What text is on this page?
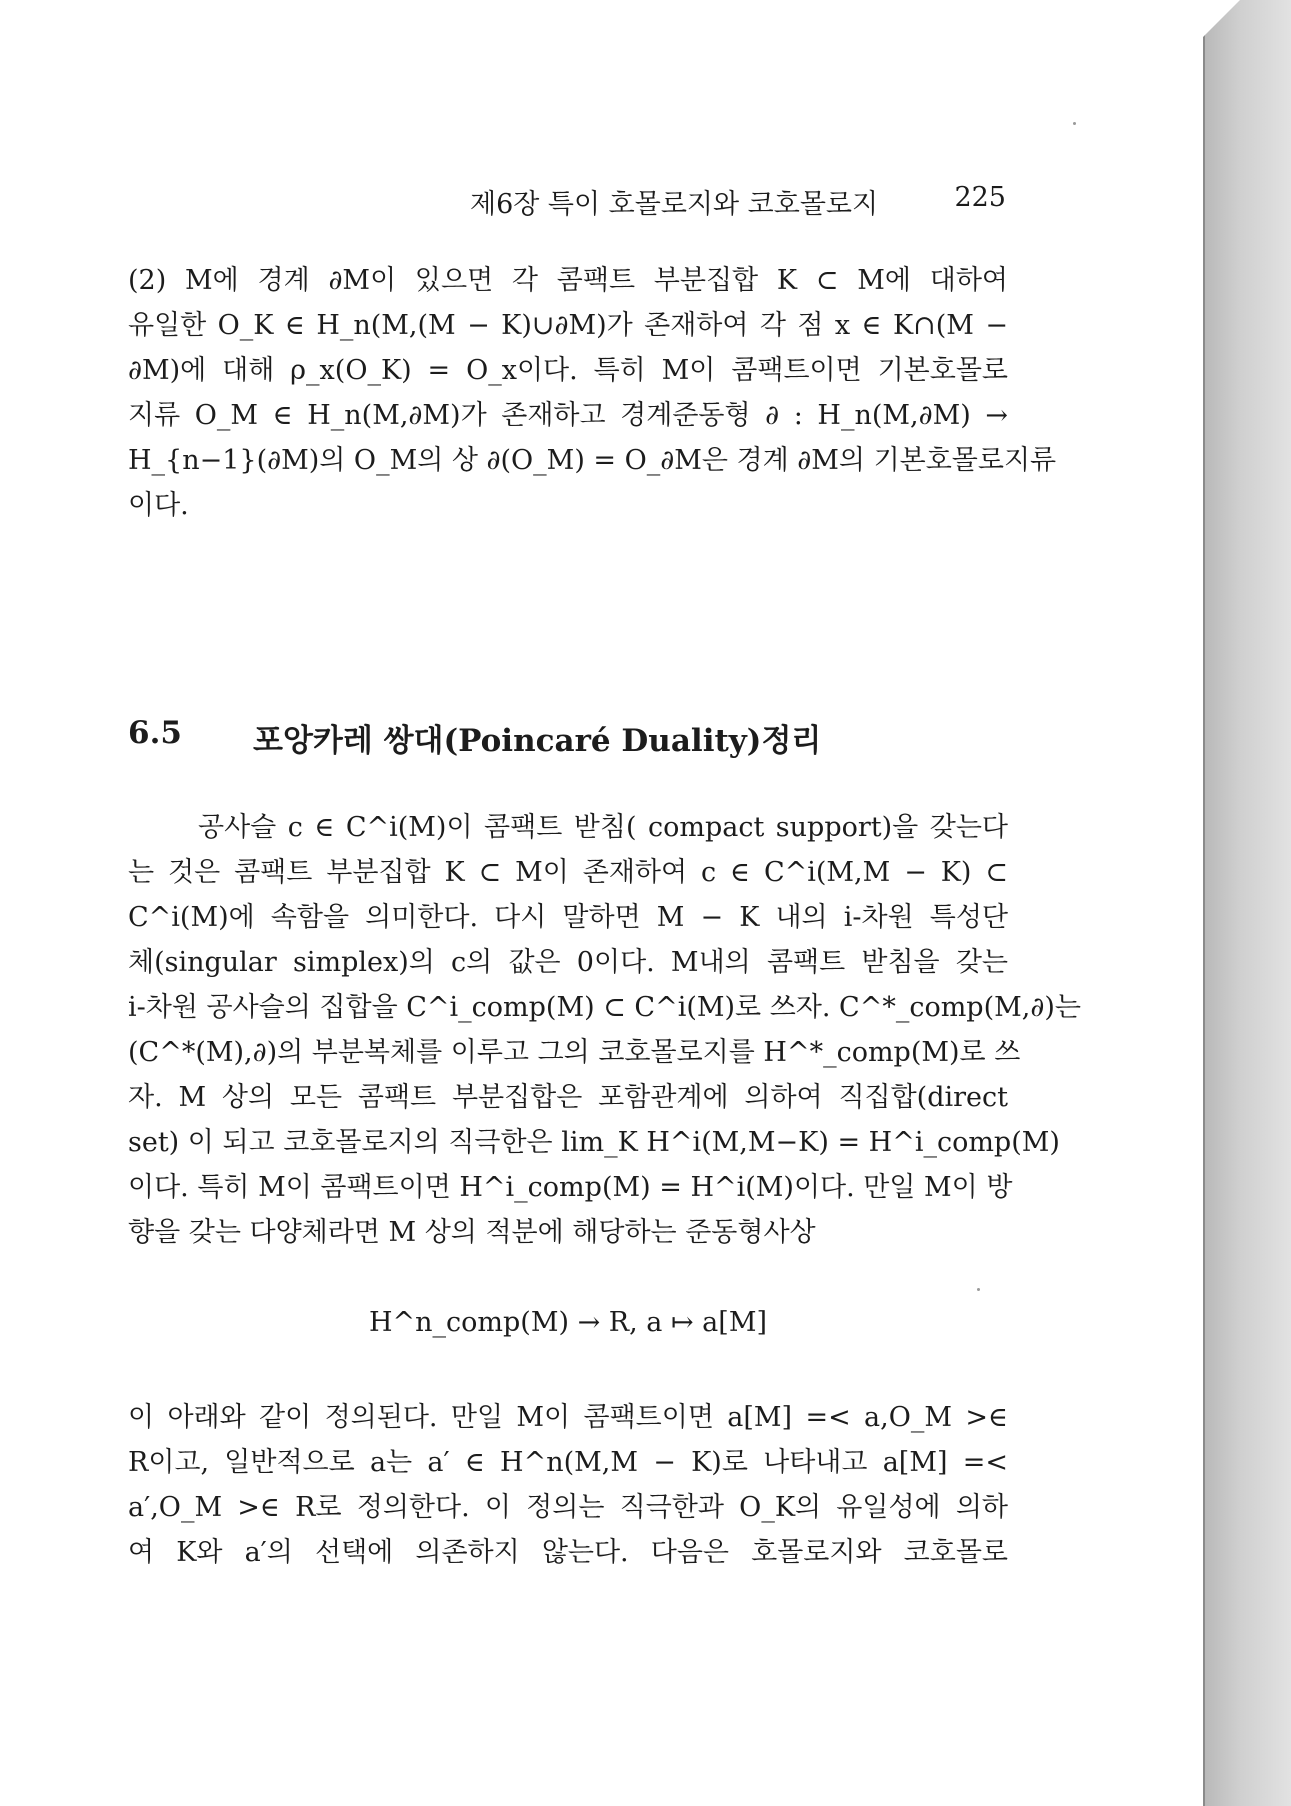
제6장 특이 호몰로지와 코호몰로지	225
(2) M에 경계 ∂M이 있으면 각 콤팩트 부분집합 K ⊂ M에 대하여
유일한 O_K ∈ H_n(M,(M − K)∪∂M)가 존재하여 각 점 x ∈ K∩(M −
∂M)에 대해 ρ_x(O_K) = O_x이다. 특히 M이 콤팩트이면 기본호몰로
지류 O_M ∈ H_n(M,∂M)가 존재하고 경계준동형 ∂ : H_n(M,∂M) →
H_{n−1}(∂M)의 O_M의 상 ∂(O_M) = O_∂M은 경계 ∂M의 기본호몰로지류
이다.
6.5	포앙카레 쌍대(Poincaré Duality)정리
공사슬 c ∈ C^i(M)이 콤팩트 받침( compact support)을 갖는다
는 것은 콤팩트 부분집합 K ⊂ M이 존재하여 c ∈ C^i(M,M − K) ⊂
C^i(M)에 속함을 의미한다. 다시 말하면 M − K 내의 i-차원 특성단
체(singular simplex)의 c의 값은 0이다. M내의 콤팩트 받침을 갖는
i-차원 공사슬의 집합을 C^i_comp(M) ⊂ C^i(M)로 쓰자. C^*_comp(M,∂)는
(C^*(M),∂)의 부분복체를 이루고 그의 코호몰로지를 H^*_comp(M)로 쓰
자. M 상의 모든 콤팩트 부분집합은 포함관계에 의하여 직집합(direct
set) 이 되고 코호몰로지의 직극한은 lim_K H^i(M,M−K) = H^i_comp(M)
이다. 특히 M이 콤팩트이면 H^i_comp(M) = H^i(M)이다. 만일 M이 방
향을 갖는 다양체라면 M 상의 적분에 해당하는 준동형사상
H^n_comp(M) → R, a ↦ a[M]
이 아래와 같이 정의된다. 만일 M이 콤팩트이면 a[M] =< a,O_M >∈
R이고, 일반적으로 a는 a′ ∈ H^n(M,M − K)로 나타내고 a[M] =<
a′,O_M >∈ R로 정의한다. 이 정의는 직극한과 O_K의 유일성에 의하
여 K와 a′의 선택에 의존하지 않는다. 다음은 호몰로지와 코호몰로
